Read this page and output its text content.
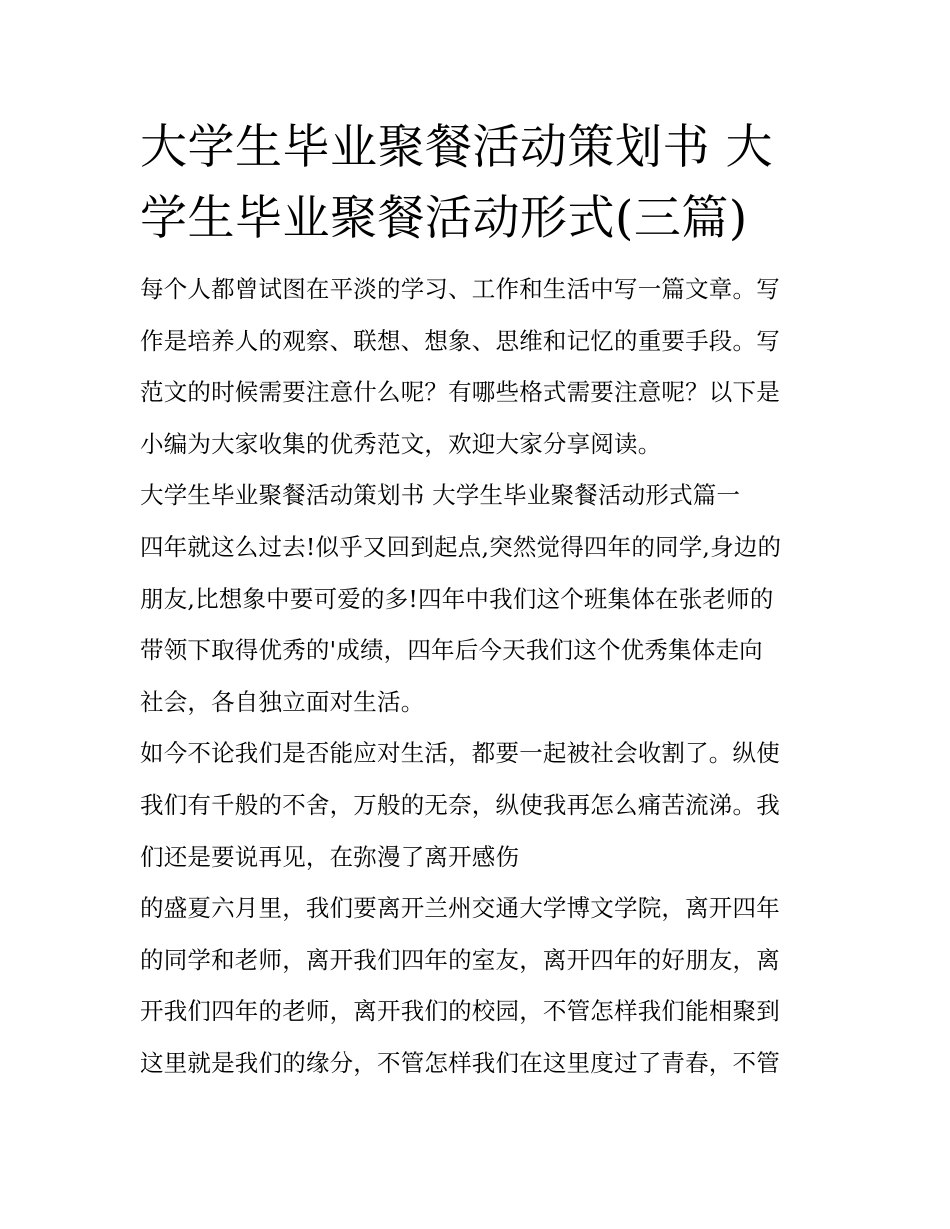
大学生毕业聚餐活动策划书 大
学生毕业聚餐活动形式(三篇)
每个人都曾试图在平淡的学习、工作和生活中写一篇文章。写
作是培养人的观察、联想、想象、思维和记忆的重要手段。写
范文的时候需要注意什么呢？有哪些格式需要注意呢？以下是
小编为大家收集的优秀范文，欢迎大家分享阅读。
大学生毕业聚餐活动策划书 大学生毕业聚餐活动形式篇一
四年就这么过去!似乎又回到起点,突然觉得四年的同学,身边的
朋友,比想象中要可爱的多!四年中我们这个班集体在张老师的
带领下取得优秀的'成绩，四年后今天我们这个优秀集体走向
社会，各自独立面对生活。
如今不论我们是否能应对生活，都要一起被社会收割了。纵使
我们有千般的不舍，万般的无奈，纵使我再怎么痛苦流涕。我
们还是要说再见，在弥漫了离开感伤
的盛夏六月里，我们要离开兰州交通大学博文学院，离开四年
的同学和老师，离开我们四年的室友，离开四年的好朋友，离
开我们四年的老师，离开我们的校园，不管怎样我们能相聚到
这里就是我们的缘分，不管怎样我们在这里度过了青春，不管
